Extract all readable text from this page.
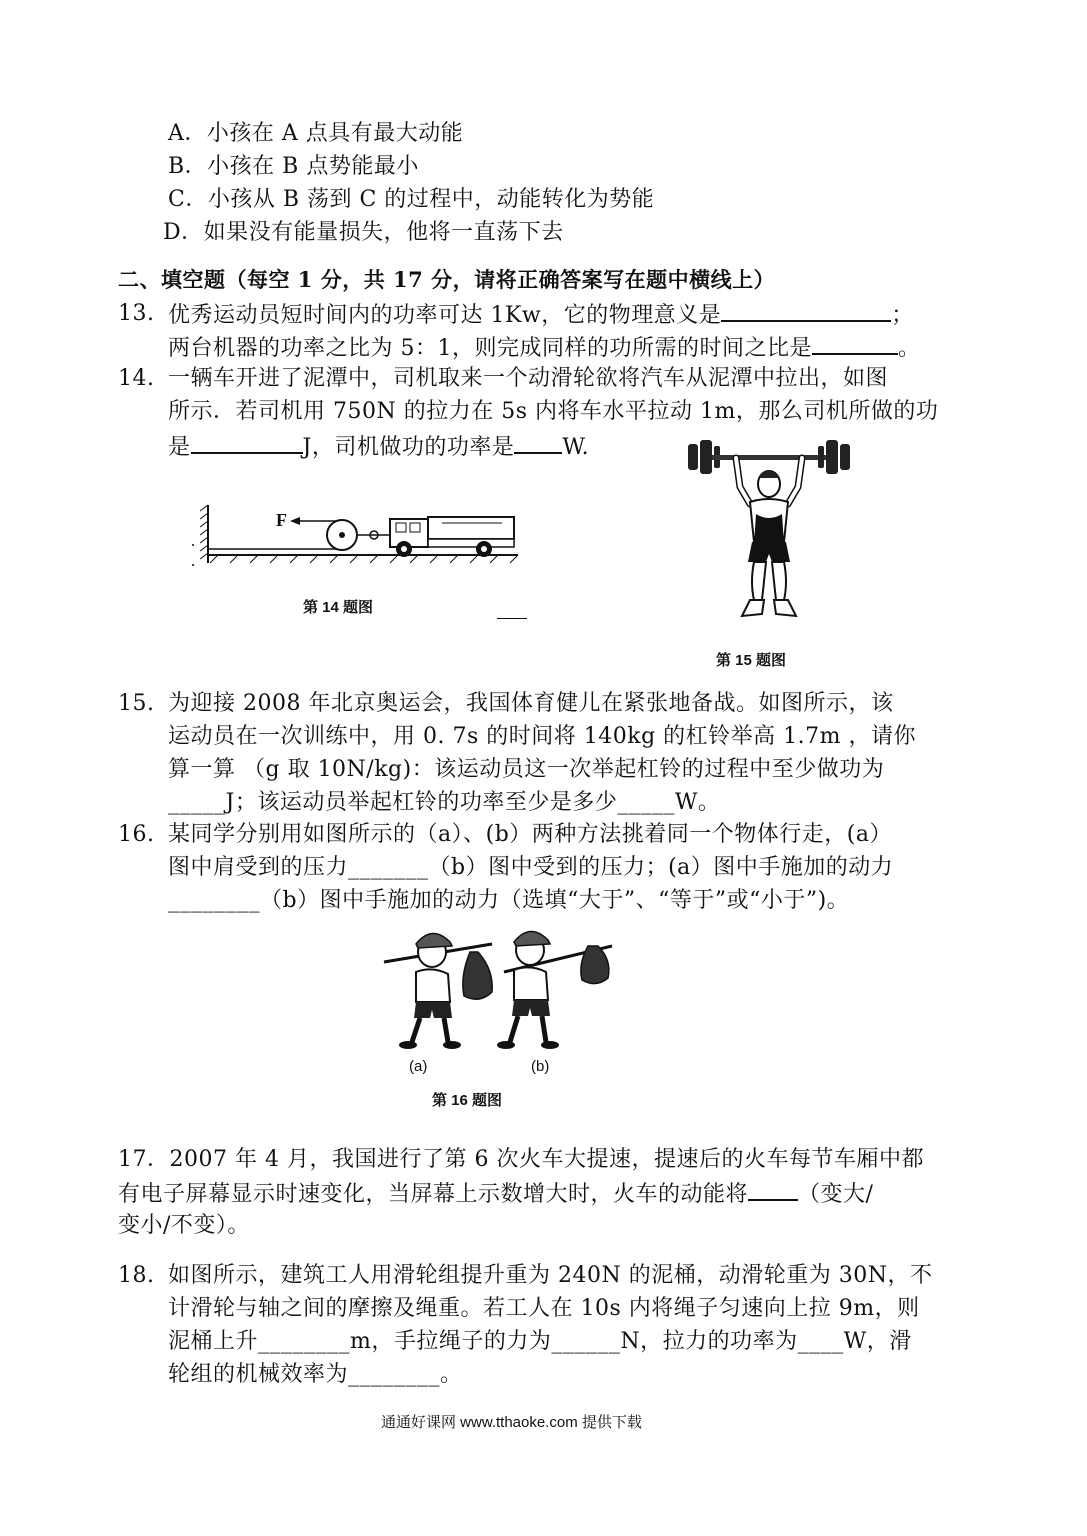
A．小孩在 A 点具有最大动能
B．小孩在 B 点势能最小
C．小孩从 B 荡到 C 的过程中，动能转化为势能
D．如果没有能量损失，他将一直荡下去
二、填空题（每空 1 分，共 17 分，请将正确答案写在题中横线上）
13. 优秀运动员短时间内的功率可达 1Kw，它的物理意义是	；
两台机器的功率之比为 5：1，则完成同样的功所需的时间之比是	。
14. 一辆车开进了泥潭中，司机取来一个动滑轮欲将汽车从泥潭中拉出，如图
所示．若司机用 750N 的拉力在 5s 内将车水平拉动 1m，那么司机所做的功
是	J，司机做功的功率是 W.
F
第 14 题图
第 15 题图
15. 为迎接 2008 年北京奥运会，我国体育健儿在紧张地备战。如图所示，该
运动员在一次训练中，用 0. 7s 的时间将 140kg 的杠铃举高 1.7m ，请你
算一算 （g 取 10N/kg)：该运动员这一次举起杠铃的过程中至少做功为
_____J；该运动员举起杠铃的功率至少是多少_____W。
16. 某同学分别用如图所示的（a）、(b）两种方法挑着同一个物体行走，(a）
图中肩受到的压力_______（b）图中受到的压力；(a）图中手施加的动力
________（b）图中手施加的动力（选填“大于”、“等于”或“小于”)。
(a)	(b)
第 16 题图
17．2007 年 4 月，我国进行了第 6 次火车大提速，提速后的火车每节车厢中都
有电子屏幕显示时速变化，当屏幕上示数增大时，火车的动能将 （变大/
变小/不变）。
18. 如图所示，建筑工人用滑轮组提升重为 240N 的泥桶，动滑轮重为 30N，不
计滑轮与轴之间的摩擦及绳重。若工人在 10s 内将绳子匀速向上拉 9m，则
泥桶上升________m，手拉绳子的力为______N，拉力的功率为____W，滑
轮组的机械效率为________。
通通好课网 www.tthaoke.com 提供下载
